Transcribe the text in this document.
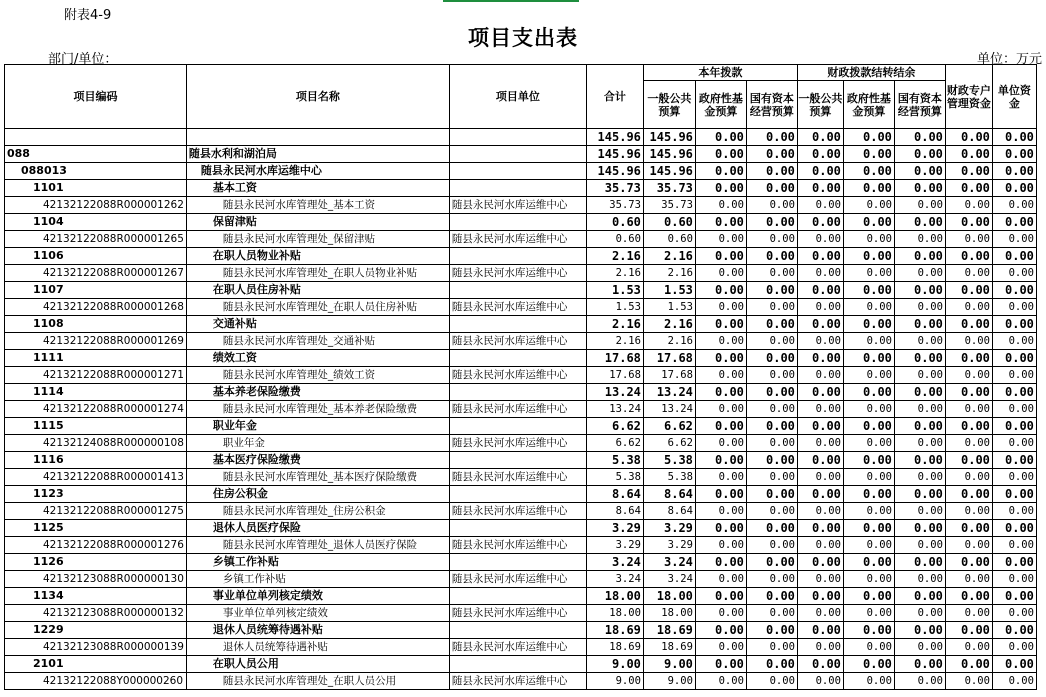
附表4-9
项目支出表
部门/单位：	单位：万元
项目编码	项目名称	项目单位	合计	本年拨款			财政拨款结转结余			财政专户管理资金	单位资金
				一般公共预算	政府性基金预算	国有资本经营预算	一般公共预算	政府性基金预算	国有资本经营预算		
			145.96	145.96	0.00	0.00	0.00	0.00	0.00	0.00	0.00
088	随县水利和湖泊局		145.96	145.96	0.00	0.00	0.00	0.00	0.00	0.00	0.00
088013	随县永民河水库运维中心		145.96	145.96	0.00	0.00	0.00	0.00	0.00	0.00	0.00
1101	基本工资		35.73	35.73	0.00	0.00	0.00	0.00	0.00	0.00	0.00
42132122088R000001262	随县永民河水库管理处_基本工资	随县永民河水库运维中心	35.73	35.73	0.00	0.00	0.00	0.00	0.00	0.00	0.00
1104	保留津贴		0.60	0.60	0.00	0.00	0.00	0.00	0.00	0.00	0.00
42132122088R000001265	随县永民河水库管理处_保留津贴	随县永民河水库运维中心	0.60	0.60	0.00	0.00	0.00	0.00	0.00	0.00	0.00
1106	在职人员物业补贴		2.16	2.16	0.00	0.00	0.00	0.00	0.00	0.00	0.00
42132122088R000001267	随县永民河水库管理处_在职人员物业补贴	随县永民河水库运维中心	2.16	2.16	0.00	0.00	0.00	0.00	0.00	0.00	0.00
1107	在职人员住房补贴		1.53	1.53	0.00	0.00	0.00	0.00	0.00	0.00	0.00
42132122088R000001268	随县永民河水库管理处_在职人员住房补贴	随县永民河水库运维中心	1.53	1.53	0.00	0.00	0.00	0.00	0.00	0.00	0.00
1108	交通补贴		2.16	2.16	0.00	0.00	0.00	0.00	0.00	0.00	0.00
42132122088R000001269	随县永民河水库管理处_交通补贴	随县永民河水库运维中心	2.16	2.16	0.00	0.00	0.00	0.00	0.00	0.00	0.00
1111	绩效工资		17.68	17.68	0.00	0.00	0.00	0.00	0.00	0.00	0.00
42132122088R000001271	随县永民河水库管理处_绩效工资	随县永民河水库运维中心	17.68	17.68	0.00	0.00	0.00	0.00	0.00	0.00	0.00
1114	基本养老保险缴费		13.24	13.24	0.00	0.00	0.00	0.00	0.00	0.00	0.00
42132122088R000001274	随县永民河水库管理处_基本养老保险缴费	随县永民河水库运维中心	13.24	13.24	0.00	0.00	0.00	0.00	0.00	0.00	0.00
1115	职业年金		6.62	6.62	0.00	0.00	0.00	0.00	0.00	0.00	0.00
42132124088R000000108	职业年金	随县永民河水库运维中心	6.62	6.62	0.00	0.00	0.00	0.00	0.00	0.00	0.00
1116	基本医疗保险缴费		5.38	5.38	0.00	0.00	0.00	0.00	0.00	0.00	0.00
42132122088R000001413	随县永民河水库管理处_基本医疗保险缴费	随县永民河水库运维中心	5.38	5.38	0.00	0.00	0.00	0.00	0.00	0.00	0.00
1123	住房公积金		8.64	8.64	0.00	0.00	0.00	0.00	0.00	0.00	0.00
42132122088R000001275	随县永民河水库管理处_住房公积金	随县永民河水库运维中心	8.64	8.64	0.00	0.00	0.00	0.00	0.00	0.00	0.00
1125	退休人员医疗保险		3.29	3.29	0.00	0.00	0.00	0.00	0.00	0.00	0.00
42132122088R000001276	随县永民河水库管理处_退休人员医疗保险	随县永民河水库运维中心	3.29	3.29	0.00	0.00	0.00	0.00	0.00	0.00	0.00
1126	乡镇工作补贴		3.24	3.24	0.00	0.00	0.00	0.00	0.00	0.00	0.00
42132123088R000000130	乡镇工作补贴	随县永民河水库运维中心	3.24	3.24	0.00	0.00	0.00	0.00	0.00	0.00	0.00
1134	事业单位单列核定绩效		18.00	18.00	0.00	0.00	0.00	0.00	0.00	0.00	0.00
42132123088R000000132	事业单位单列核定绩效	随县永民河水库运维中心	18.00	18.00	0.00	0.00	0.00	0.00	0.00	0.00	0.00
1229	退休人员统筹待遇补贴		18.69	18.69	0.00	0.00	0.00	0.00	0.00	0.00	0.00
42132123088R000000139	退休人员统筹待遇补贴	随县永民河水库运维中心	18.69	18.69	0.00	0.00	0.00	0.00	0.00	0.00	0.00
2101	在职人员公用		9.00	9.00	0.00	0.00	0.00	0.00	0.00	0.00	0.00
42132122088Y000000260	随县永民河水库管理处_在职人员公用	随县永民河水库运维中心	9.00	9.00	0.00	0.00	0.00	0.00	0.00	0.00	0.00
